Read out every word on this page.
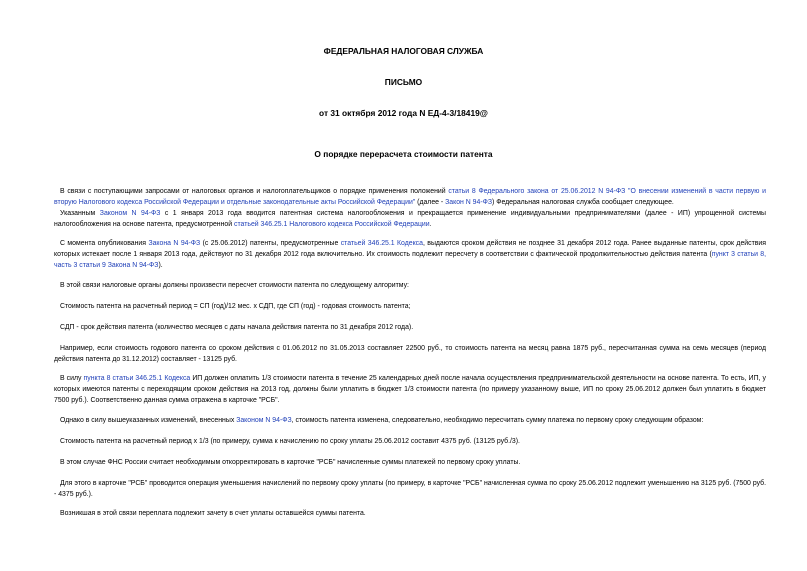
ФЕДЕРАЛЬНАЯ НАЛОГОВАЯ СЛУЖБА
ПИСЬМО
от 31 октября 2012 года N ЕД-4-3/18419@
О порядке перерасчета стоимости патента
В связи с поступающими запросами от налоговых органов и налогоплательщиков о порядке применения положений статьи 8 Федерального закона от 25.06.2012 N 94-ФЗ "О внесении изменений в части первую и вторую Налогового кодекса Российской Федерации и отдельные законодательные акты Российской Федерации" (далее - Закон N 94-ФЗ) Федеральная налоговая служба сообщает следующее.
Указанным Законом N 94-ФЗ с 1 января 2013 года вводится патентная система налогообложения и прекращается применение индивидуальными предпринимателями (далее - ИП) упрощенной системы налогообложения на основе патента, предусмотренной статьей 346.25.1 Налогового кодекса Российской Федерации.
С момента опубликования Закона N 94-ФЗ (с 25.06.2012) патенты, предусмотренные статьей 346.25.1 Кодекса, выдаются сроком действия не позднее 31 декабря 2012 года. Ранее выданные патенты, срок действия которых истекает после 1 января 2013 года, действуют по 31 декабря 2012 года включительно. Их стоимость подлежит пересчету в соответствии с фактической продолжительностью действия патента (пункт 3 статьи 8, часть 3 статьи 9 Закона N 94-ФЗ).
В этой связи налоговые органы должны произвести пересчет стоимости патента по следующему алгоритму:
Стоимость патента на расчетный период = СП (год)/12 мес. х СДП, где СП (год) - годовая стоимость патента;
СДП - срок действия патента (количество месяцев с даты начала действия патента по 31 декабря 2012 года).
Например, если стоимость годового патента со сроком действия с 01.06.2012 по 31.05.2013 составляет 22500 руб., то стоимость патента на месяц равна 1875 руб., пересчитанная сумма на семь месяцев (период действия патента до 31.12.2012) составляет - 13125 руб.
В силу пункта 8 статьи 346.25.1 Кодекса ИП должен оплатить 1/3 стоимости патента в течение 25 календарных дней после начала осуществления предпринимательской деятельности на основе патента. То есть, ИП, у которых имеются патенты с переходящим сроком действия на 2013 год, должны были уплатить в бюджет 1/3 стоимости патента (по примеру указанному выше, ИП по сроку 25.06.2012 должен был уплатить в бюджет 7500 руб.). Соответственно данная сумма отражена в карточке "РСБ".
Однако в силу вышеуказанных изменений, внесенных Законом N 94-ФЗ, стоимость патента изменена, следовательно, необходимо пересчитать сумму платежа по первому сроку следующим образом:
Стоимость патента на расчетный период х 1/3 (по примеру, сумма к начислению по сроку уплаты 25.06.2012 составит 4375 руб. (13125 руб./3).
В этом случае ФНС России считает необходимым откорректировать в карточке "РСБ" начисленные суммы платежей по первому сроку уплаты.
Для этого в карточке "РСБ" проводится операция уменьшения начислений по первому сроку уплаты (по примеру, в карточке "РСБ" начисленная сумма по сроку 25.06.2012 подлежит уменьшению на 3125 руб. (7500 руб. - 4375 руб.).
Возникшая в этой связи переплата подлежит зачету в счет уплаты оставшейся суммы патента.
